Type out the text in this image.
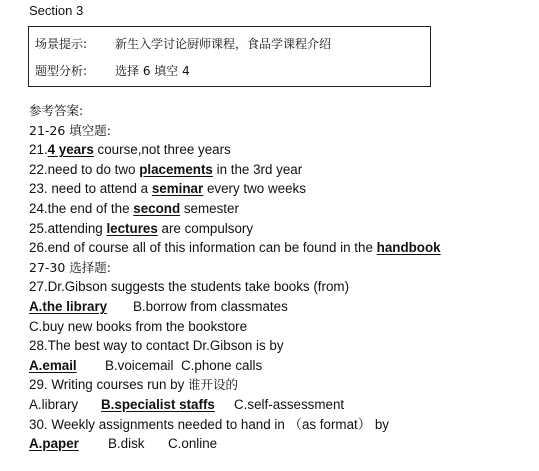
Section 3
场景提示: 新生入学讨论厨师课程，食品学课程介绍
题型分析: 选择 6 填空 4
参考答案:
21-26 填空题:
21.4 years course,not three years
22.need to do two placements in the 3rd year
23. need to attend a seminar every two weeks
24.the end of the second semester
25.attending lectures are compulsory
26.end of course all of this information can be found in the handbook
27-30 选择题:
27.Dr.Gibson suggests the students take books (from)
A.the library B.borrow from classmates
C.buy new books from the bookstore
28.The best way to contact Dr.Gibson is by
A.email B.voicemail C.phone calls
29. Writing courses run by 谁开设的
A.library B.specialist staffs C.self-assessment
30. Weekly assignments needed to hand in （as format） by
A.paper B.disk C.online
